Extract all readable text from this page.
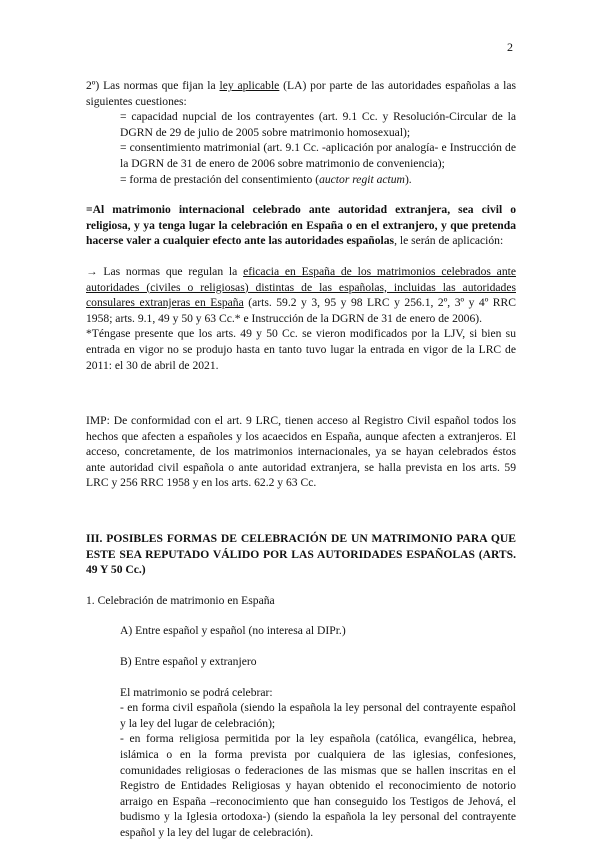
2

2º) Las normas que fijan la ley aplicable (LA) por parte de las autoridades españolas a las siguientes cuestiones:

= capacidad nupcial de los contrayentes (art. 9.1 Cc. y Resolución-Circular de la DGRN de 29 de julio de 2005 sobre matrimonio homosexual);

= consentimiento matrimonial (art. 9.1 Cc. -aplicación por analogía- e Instrucción de la DGRN de 31 de enero de 2006 sobre matrimonio de conveniencia);

= forma de prestación del consentimiento (auctor regit actum).

=Al matrimonio internacional celebrado ante autoridad extranjera, sea civil o religiosa, y ya tenga lugar la celebración en España o en el extranjero, y que pretenda hacerse valer a cualquier efecto ante las autoridades españolas, le serán de aplicación:

→ Las normas que regulan la eficacia en España de los matrimonios celebrados ante autoridades (civiles o religiosas) distintas de las españolas, incluidas las autoridades consulares extranjeras en España (arts. 59.2 y 3, 95 y 98 LRC y 256.1, 2º, 3º y 4º RRC 1958; arts. 9.1, 49 y 50 y 63 Cc.* e Instrucción de la DGRN de 31 de enero de 2006).

*Téngase presente que los arts. 49 y 50 Cc. se vieron modificados por la LJV, si bien su entrada en vigor no se produjo hasta en tanto tuvo lugar la entrada en vigor de la LRC de 2011: el 30 de abril de 2021.

IMP: De conformidad con el art. 9 LRC, tienen acceso al Registro Civil español todos los hechos que afecten a españoles y los acaecidos en España, aunque afecten a extranjeros. El acceso, concretamente, de los matrimonios internacionales, ya se hayan celebrados éstos ante autoridad civil española o ante autoridad extranjera, se halla prevista en los arts. 59 LRC y 256 RRC 1958 y en los arts. 62.2 y 63 Cc.

III. POSIBLES FORMAS DE CELEBRACIÓN DE UN MATRIMONIO PARA QUE ESTE SEA REPUTADO VÁLIDO POR LAS AUTORIDADES ESPAÑOLAS (ARTS. 49 Y 50 Cc.)

1. Celebración de matrimonio en España

A) Entre español y español (no interesa al DIPr.)

B) Entre español y extranjero

El matrimonio se podrá celebrar:

- en forma civil española (siendo la española la ley personal del contrayente español y la ley del lugar de celebración);

- en forma religiosa permitida por la ley española (católica, evangélica, hebrea, islámica o en la forma prevista por cualquiera de las iglesias, confesiones, comunidades religiosas o federaciones de las mismas que se hallen inscritas en el Registro de Entidades Religiosas y hayan obtenido el reconocimiento de notorio arraigo en España –reconocimiento que han conseguido los Testigos de Jehová, el budismo y la Iglesia ortodoxa-) (siendo la española la ley personal del contrayente español y la ley del lugar de celebración).
